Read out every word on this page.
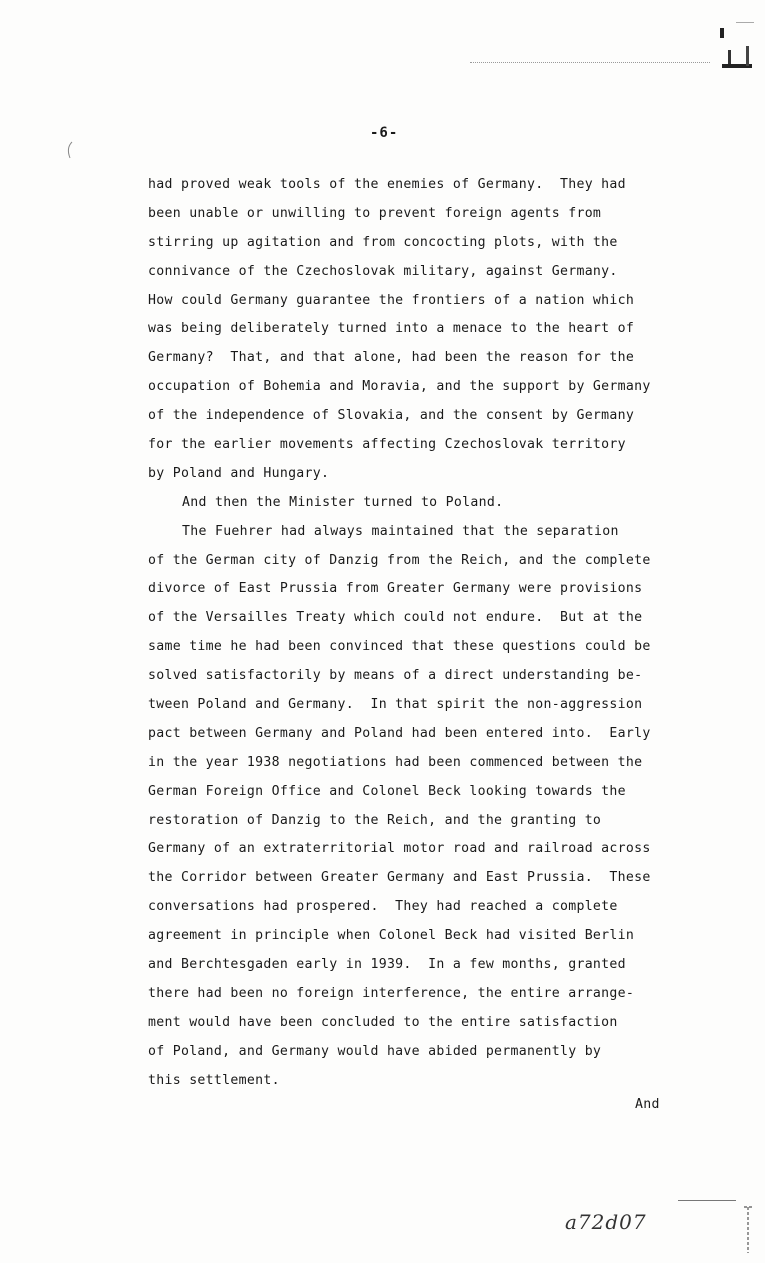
-6-
had proved weak tools of the enemies of Germany.  They had
been unable or unwilling to prevent foreign agents from
stirring up agitation and from concocting plots, with the
connivance of the Czechoslovak military, against Germany.
How could Germany guarantee the frontiers of a nation which
was being deliberately turned into a menace to the heart of
Germany?  That, and that alone, had been the reason for the
occupation of Bohemia and Moravia, and the support by Germany
of the independence of Slovakia, and the consent by Germany
for the earlier movements affecting Czechoslovak territory
by Poland and Hungary.
And then the Minister turned to Poland.
The Fuehrer had always maintained that the separation
of the German city of Danzig from the Reich, and the complete
divorce of East Prussia from Greater Germany were provisions
of the Versailles Treaty which could not endure.  But at the
same time he had been convinced that these questions could be
solved satisfactorily by means of a direct understanding be-
tween Poland and Germany.  In that spirit the non-aggression
pact between Germany and Poland had been entered into.  Early
in the year 1938 negotiations had been commenced between the
German Foreign Office and Colonel Beck looking towards the
restoration of Danzig to the Reich, and the granting to
Germany of an extraterritorial motor road and railroad across
the Corridor between Greater Germany and East Prussia.  These
conversations had prospered.  They had reached a complete
agreement in principle when Colonel Beck had visited Berlin
and Berchtesgaden early in 1939.  In a few months, granted
there had been no foreign interference, the entire arrange-
ment would have been concluded to the entire satisfaction
of Poland, and Germany would have abided permanently by
this settlement.
And
a72d07
